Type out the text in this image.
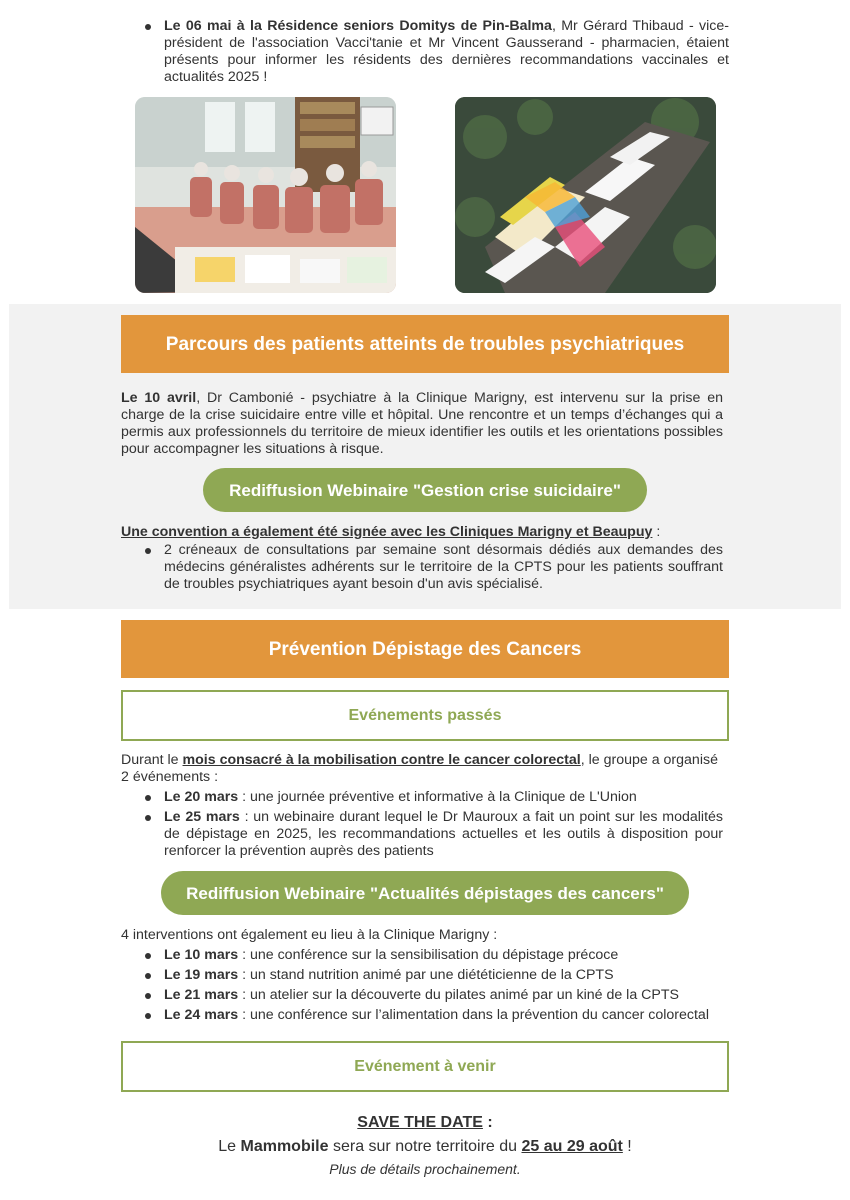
Le 06 mai à la Résidence seniors Domitys de Pin-Balma, Mr Gérard Thibaud - vice-président de l'association Vacci'tanie et Mr Vincent Gausserand - pharmacien, étaient présents pour informer les résidents des dernières recommandations vaccinales et actualités 2025 !
Parcours des patients atteints de troubles psychiatriques
Le 10 avril, Dr Cambonié - psychiatre à la Clinique Marigny, est intervenu sur la prise en charge de la crise suicidaire entre ville et hôpital. Une rencontre et un temps d’échanges qui a permis aux professionnels du territoire de mieux identifier les outils et les orientations possibles pour accompagner les situations à risque.
Rediffusion Webinaire "Gestion crise suicidaire"
Une convention a également été signée avec les Cliniques Marigny et Beaupuy :
2 créneaux de consultations par semaine sont désormais dédiés aux demandes des médecins généralistes adhérents sur le territoire de la CPTS pour les patients souffrant de troubles psychiatriques ayant besoin d'un avis spécialisé.
Prévention Dépistage des Cancers
Evénements passés
Durant le mois consacré à la mobilisation contre le cancer colorectal, le groupe a organisé 2 événements :
Le 20 mars : une journée préventive et informative à la Clinique de L'Union
Le 25 mars : un webinaire durant lequel le Dr Mauroux a fait un point sur les modalités de dépistage en 2025, les recommandations actuelles et les outils à disposition pour renforcer la prévention auprès des patients
Rediffusion Webinaire "Actualités dépistages des cancers"
4 interventions ont également eu lieu à la Clinique Marigny :
Le 10 mars : une conférence sur la sensibilisation du dépistage précoce
Le 19 mars : un stand nutrition animé par une diététicienne de la CPTS
Le 21 mars : un atelier sur la découverte du pilates animé par un kiné de la CPTS
Le 24 mars : une conférence sur l’alimentation dans la prévention du cancer colorectal
Evénement à venir
SAVE THE DATE :
Le Mammobile sera sur notre territoire du 25 au 29 août !
Plus de détails prochainement.
